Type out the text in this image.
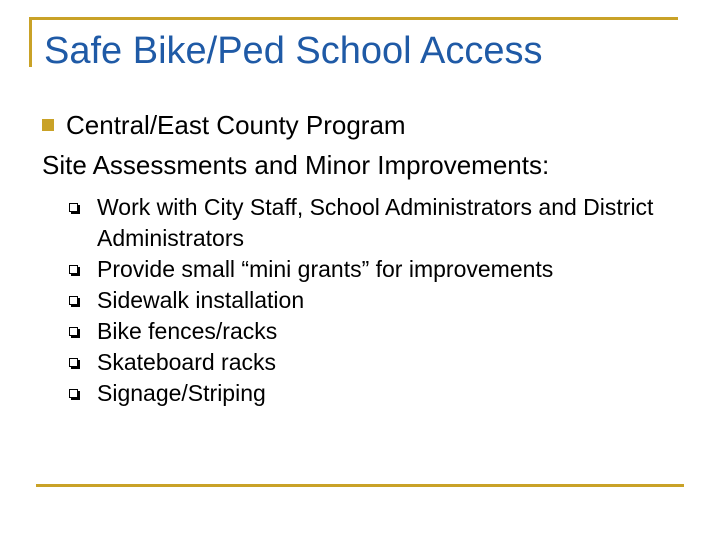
Safe Bike/Ped School Access
Central/East County Program
Site Assessments and Minor Improvements:
Work with City Staff, School Administrators and District Administrators
Provide small “mini grants” for improvements
Sidewalk installation
Bike fences/racks
Skateboard racks
Signage/Striping
